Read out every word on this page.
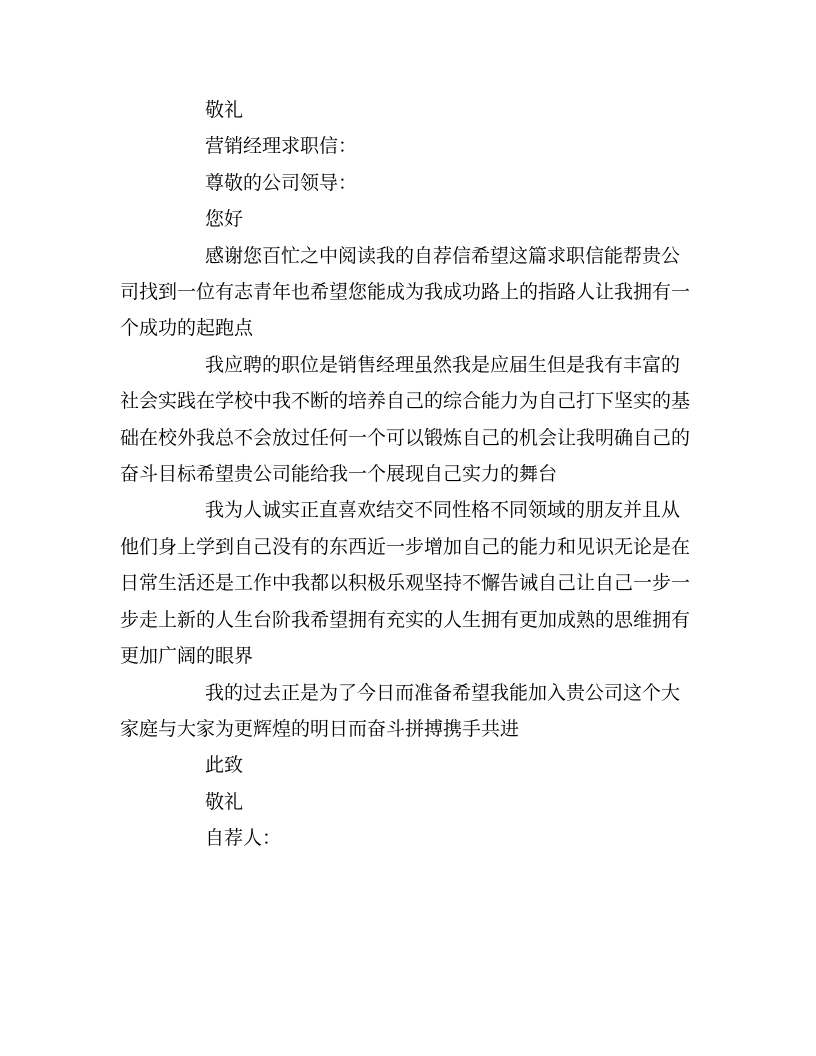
敬礼

营销经理求职信：

尊敬的公司领导：

您好

感谢您百忙之中阅读我的自荐信希望这篇求职信能帮贵公司找到一位有志青年也希望您能成为我成功路上的指路人让我拥有一个成功的起跑点

我应聘的职位是销售经理虽然我是应届生但是我有丰富的社会实践在学校中我不断的培养自己的综合能力为自己打下坚实的基础在校外我总不会放过任何一个可以锻炼自己的机会让我明确自己的奋斗目标希望贵公司能给我一个展现自己实力的舞台

我为人诚实正直喜欢结交不同性格不同领域的朋友并且从他们身上学到自己没有的东西近一步增加自己的能力和见识无论是在日常生活还是工作中我都以积极乐观坚持不懈告诫自己让自己一步一步走上新的人生台阶我希望拥有充实的人生拥有更加成熟的思维拥有更加广阔的眼界

我的过去正是为了今日而准备希望我能加入贵公司这个大家庭与大家为更辉煌的明日而奋斗拼搏携手共进

此致

敬礼

自荐人：
